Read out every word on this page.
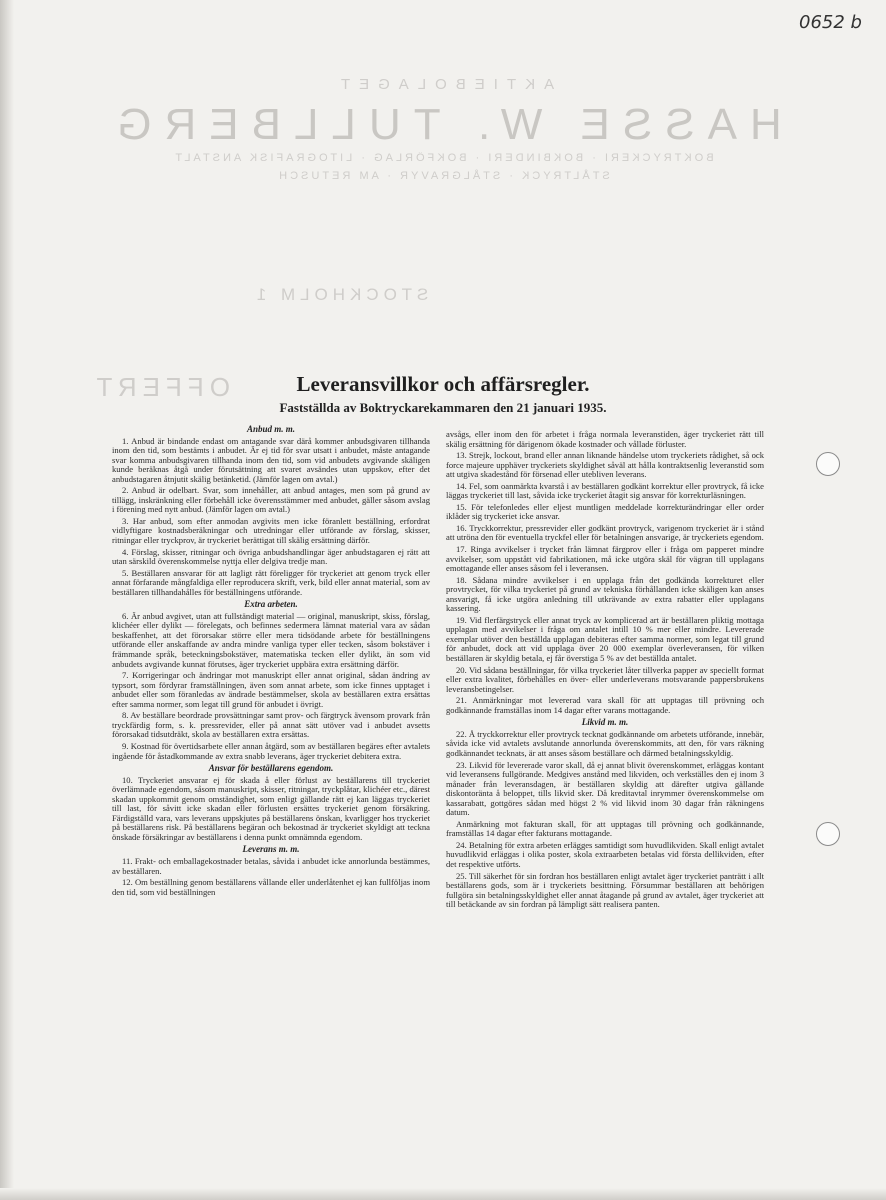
0652 b
AKTIEBOLAGET
HASSE W. TULLBERG
BOKTRYCKERI · BOKBINDERI · BOKFÖRLAG · LITOGRAFISK ANSTALT
STÅLTRYCK · STÅLGRAVYR · AM RETUSCH
STOCKHOLM 1
OFFERT	Leveransvillkor och affärsregler.
Fastställda av Boktryckarekammaren den 21 januari 1935.
Anbud m. m.

1. Anbud är bindande endast om antagande svar därå kommer anbudsgivaren tillhanda inom den tid, som bestämts i anbudet. Är ej tid för svar utsatt i anbudet, måste antagande svar komma anbudsgivaren tillhanda inom den tid, som vid anbudets avgivande skäligen kunde beräknas åtgå under förutsättning att svaret avsändes utan uppskov, efter det anbudstagaren åtnjutit skälig betänketid. (Jämför lagen om avtal.)

2. Anbud är odelbart. Svar, som innehåller, att anbud antages, men som på grund av tillägg, inskränkning eller förbehåll icke överensstämmer med anbudet, gäller såsom avslag i förening med nytt anbud. (Jämför lagen om avtal.)

3. Har anbud, som efter anmodan avgivits men icke föranlett beställning, erfordrat vidlyftigare kostnadsberäkningar och utredningar eller utförande av förslag, skisser, ritningar eller tryckprov, är tryckeriet berättigat till skälig ersättning därför.

4. Förslag, skisser, ritningar och övriga anbudshandlingar äger anbudstagaren ej rätt att utan särskild överenskommelse nyttja eller delgiva tredje man.

5. Beställaren ansvarar för att lagligt rätt föreligger för tryckeriet att genom tryck eller annat förfarande mångfaldiga eller reproducera skrift, verk, bild eller annat material, som av beställaren tillhandahålles för beställningens utförande.

Extra arbeten.

6. Är anbud avgivet, utan att fullständigt material — original, manuskript, skiss, förslag, klichéer eller dylikt — förelegats, och befinnes sedermera lämnat material vara av sådan beskaffenhet, att det förorsakar större eller mera tidsödande arbete för beställningens utförande eller anskaffande av andra mindre vanliga typer eller tecken, såsom bokstäver i främmande språk, beteckningsbokstäver, matematiska tecken eller dylikt, än som vid anbudets avgivande kunnat förutses, äger tryckeriet uppbära extra ersättning därför.

7. Korrigeringar och ändringar mot manuskript eller annat original, sådan ändring av typsort, som fördyrar framställningen, även som annat arbete, som icke finnes upptaget i anbudet eller som föranledas av ändrade bestämmelser, skola av beställaren extra ersättas efter samma normer, som legat till grund för anbudet i övrigt.

8. Av beställare beordrade provsättningar samt prov- och färgtryck ävensom provark från tryckfärdig form, s. k. pressrevider, eller på annat sätt utöver vad i anbudet avsetts förorsakad tidsutdräkt, skola av beställaren extra ersättas.

9. Kostnad för övertidsarbete eller annan åtgärd, som av beställaren begäres efter avtalets ingående för åstadkommande av extra snabb leverans, äger tryckeriet debitera extra.

Ansvar för beställarens egendom.

10. Tryckeriet ansvarar ej för skada å eller förlust av beställarens till tryckeriet överlämnade egendom, såsom manuskript, skisser, ritningar, tryckplåtar, klichéer etc., därest skadan uppkommit genom omständighet, som enligt gällande rätt ej kan läggas tryckeriet till last, för såvitt icke skadan eller förlusten ersättes tryckeriet genom försäkring. Färdigställd vara, vars leverans uppskjutes på beställarens önskan, kvarligger hos tryckeriet på beställarens risk. På beställarens begäran och bekostnad är tryckeriet skyldigt att teckna önskade försäkringar av beställarens i denna punkt omnämnda egendom.

Leverans m. m.

11. Frakt- och emballagekostnader betalas, såvida i anbudet icke annorlunda bestämmes, av beställaren.

12. Om beställning genom beställarens vållande eller underlåtenhet ej kan fullföljas inom den tid, som vid beställningen

avsågs, eller inom den för arbetet i fråga normala leveranstiden, äger tryckeriet rätt till skälig ersättning för därigenom ökade kostnader och vållade förluster.

13. Strejk, lockout, brand eller annan liknande händelse utom tryckeriets rådighet, så ock force majeure upphäver tryckeriets skyldighet såväl att hålla kontraktsenlig leveranstid som att utgiva skadestånd för försenad eller utebliven leverans.

14. Fel, som oanmärkta kvarstå i av beställaren godkänt korrektur eller provtryck, få icke läggas tryckeriet till last, såvida icke tryckeriet åtagit sig ansvar för korrekturläsningen.

15. För telefonledes eller eljest muntligen meddelade korrekturändringar eller order iklåder sig tryckeriet icke ansvar.

16. Tryckkorrektur, pressrevider eller godkänt provtryck, varigenom tryckeriet är i stånd att utröna den för eventuella tryckfel eller för betalningen ansvarige, är tryckeriets egendom.

17. Ringa avvikelser i trycket från lämnat färgprov eller i fråga om papperet mindre avvikelser, som uppstått vid fabrikationen, må icke utgöra skäl för vägran till upplagans emottagande eller anses såsom fel i leveransen.

18. Sådana mindre avvikelser i en upplaga från det godkända korrekturet eller provtrycket, för vilka tryckeriet på grund av tekniska förhållanden icke skäligen kan anses ansvarigt, få icke utgöra anledning till utkrävande av extra rabatter eller upplagans kassering.

19. Vid flerfärgstryck eller annat tryck av komplicerad art är beställaren pliktig mottaga upplagan med avvikelser i fråga om antalet intill 10 % mer eller mindre. Levererade exemplar utöver den beställda upplagan debiteras efter samma normer, som legat till grund för anbudet, dock att vid upplaga över 20 000 exemplar överleveransen, för vilken beställaren är skyldig betala, ej får överstiga 5 % av det beställda antalet.

20. Vid sådana beställningar, för vilka tryckeriet låter tillverka papper av speciellt format eller extra kvalitet, förbehålles en över- eller underleverans motsvarande pappersbrukens leveransbetingelser.

21. Anmärkningar mot levererad vara skall för att upptagas till prövning och godkännande framställas inom 14 dagar efter varans mottagande.

Likvid m. m.

22. Å tryckkorrektur eller provtryck tecknat godkännande om arbetets utförande, innebär, såvida icke vid avtalets avslutande annorlunda överenskommits, att den, för vars räkning godkännandet tecknats, är att anses såsom beställare och därmed betalningsskyldig.

23. Likvid för levererade varor skall, då ej annat blivit överenskommet, erläggas kontant vid leveransens fullgörande. Medgives anstånd med likviden, och verkställes den ej inom 3 månader från leveransdagen, är beställaren skyldig att därefter utgiva gällande diskontoränta å beloppet, tills likvid sker. Då kreditavtal inrymmer överenskommelse om kassarabatt, gottgöres sådan med högst 2 % vid likvid inom 30 dagar från räkningens datum.

Anmärkning mot fakturan skall, för att upptagas till prövning och godkännande, framställas 14 dagar efter fakturans mottagande.

24. Betalning för extra arbeten erlägges samtidigt som huvudlikviden. Skall enligt avtalet huvudlikvid erläggas i olika poster, skola extraarbeten betalas vid första dellikviden, efter det respektive utförts.

25. Till säkerhet för sin fordran hos beställaren enligt avtalet äger tryckeriet panträtt i allt beställarens gods, som är i tryckeriets besittning. Försummar beställaren att behörigen fullgöra sin betalningsskyldighet eller annat åtagande på grund av avtalet, äger tryckeriet att till betäckande av sin fordran på lämpligt sätt realisera panten.
